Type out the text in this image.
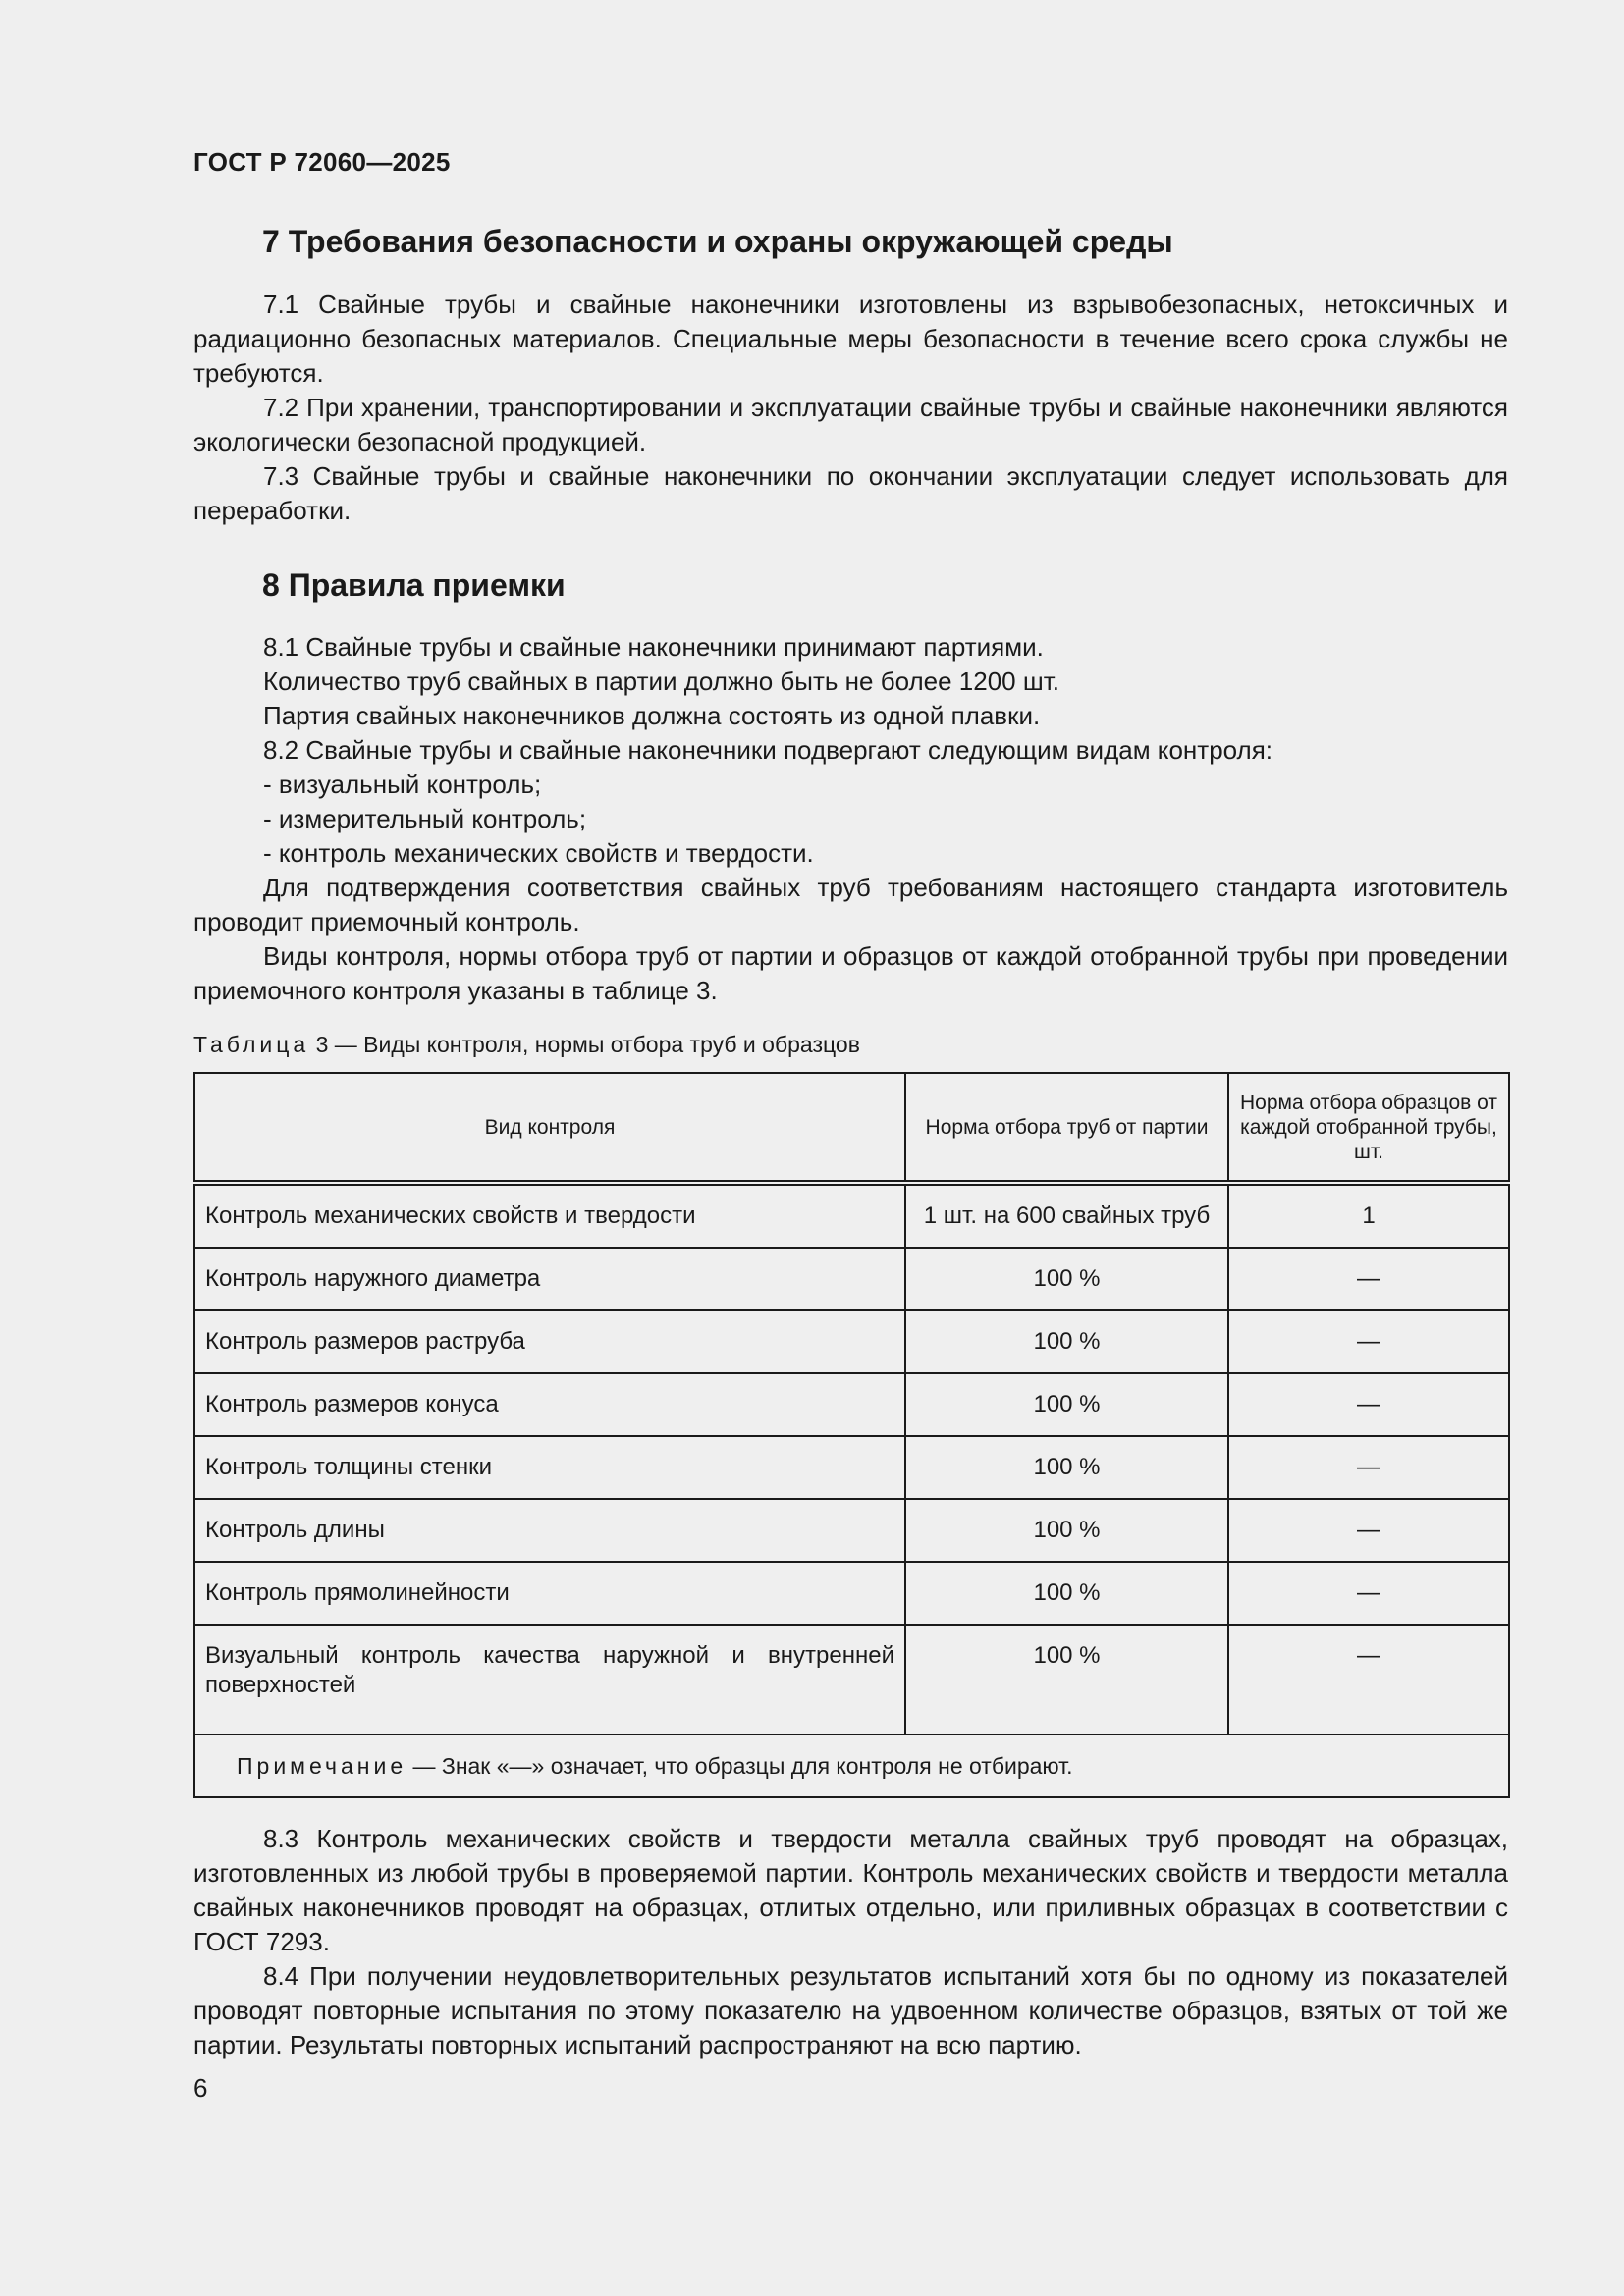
ГОСТ Р 72060—2025
7 Требования безопасности и охраны окружающей среды

7.1 Свайные трубы и свайные наконечники изготовлены из взрывобезопасных, нетоксичных и радиационно безопасных материалов. Специальные меры безопасности в течение всего срока службы не требуются.

7.2 При хранении, транспортировании и эксплуатации свайные трубы и свайные наконечники являются экологически безопасной продукцией.

7.3 Свайные трубы и свайные наконечники по окончании эксплуатации следует использовать для переработки.

8 Правила приемки

8.1 Свайные трубы и свайные наконечники принимают партиями.

Количество труб свайных в партии должно быть не более 1200 шт.

Партия свайных наконечников должна состоять из одной плавки.

8.2 Свайные трубы и свайные наконечники подвергают следующим видам контроля:

- визуальный контроль;

- измерительный контроль;

- контроль механических свойств и твердости.

Для подтверждения соответствия свайных труб требованиям настоящего стандарта изготовитель проводит приемочный контроль.

Виды контроля, нормы отбора труб от партии и образцов от каждой отобранной трубы при проведении приемочного контроля указаны в таблице 3.

Таблица 3 — Виды контроля, нормы отбора труб и образцов
Вид контроля	Норма отбора труб от партии	Норма отбора образцов от каждой отобранной трубы, шт.
Контроль механических свойств и твердости	1 шт. на 600 свайных труб	1
Контроль наружного диаметра	100 %	—
Контроль размеров раструба	100 %	—
Контроль размеров конуса	100 %	—
Контроль толщины стенки	100 %	—
Контроль длины	100 %	—
Контроль прямолинейности	100 %	—
Визуальный контроль качества наружной и внутренней поверхностей	100 %	—
Примечание — Знак «—» означает, что образцы для контроля не отбирают.		

8.3 Контроль механических свойств и твердости металла свайных труб проводят на образцах, изготовленных из любой трубы в проверяемой партии. Контроль механических свойств и твердости металла свайных наконечников проводят на образцах, отлитых отдельно, или приливных образцах в соответствии с ГОСТ 7293.

8.4 При получении неудовлетворительных результатов испытаний хотя бы по одному из показателей проводят повторные испытания по этому показателю на удвоенном количестве образцов, взятых от той же партии. Результаты повторных испытаний распространяют на всю партию.

6
